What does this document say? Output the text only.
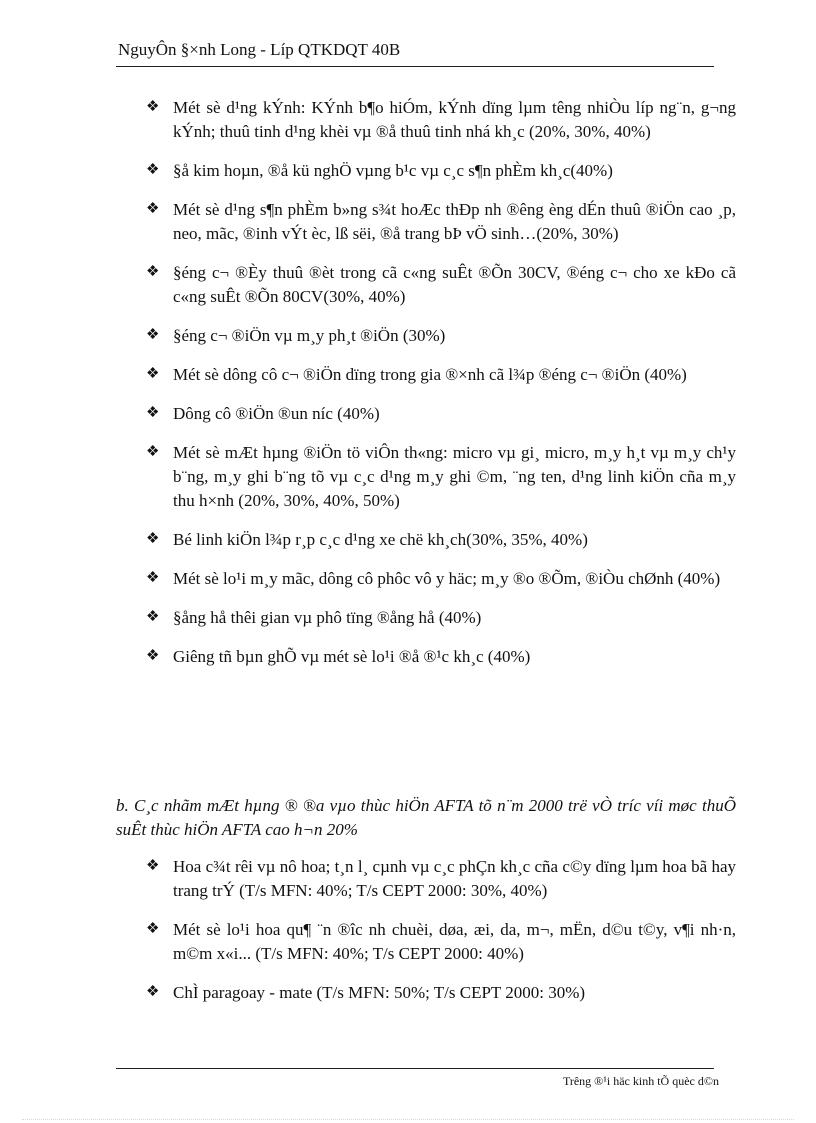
NguyÔn §×nh Long - Líp QTKDQT 40B
❖ Mét sè d¹ng kÝnh: KÝnh b¶o hiÓm, kÝnh dïng lµm têng nhiÒu líp ng¨n, g¬ng kÝnh; thuû tinh d¹ng khèi vµ ®å thuû tinh nhá kh¸c (20%, 30%, 40%)
❖ §å kim hoµn, ®å kü nghÖ vµng b¹c vµ c¸c s¶n phÈm kh¸c(40%)
❖ Mét sè d¹ng s¶n phÈm b»ng s¾t hoÆc thÐp nh ®êng èng dÉn thuû ®iÖn cao ¸p, neo, mãc, ®inh vÝt èc, lß sëi, ®å trang bÞ vÖ sinh…(20%, 30%)
❖ §éng c¬ ®Èy thuû ®èt trong cã c«ng suÊt ®Õn 30CV, ®éng c¬ cho xe kÐo cã c«ng suÊt ®Õn 80CV(30%, 40%)
❖ §éng c¬ ®iÖn vµ m¸y ph¸t ®iÖn (30%)
❖ Mét sè dông cô c¬ ®iÖn dïng trong gia ®×nh cã l¾p ®éng c¬ ®iÖn (40%)
❖ Dông cô ®iÖn ®un níc (40%)
❖ Mét sè mÆt hµng ®iÖn tö viÔn th«ng: micro vµ gi¸ micro, m¸y h¸t vµ m¸y ch¹y b¨ng, m¸y ghi b¨ng tõ vµ c¸c d¹ng m¸y ghi ©m, ¨ng ten, d¹ng linh kiÖn cña m¸y thu h×nh (20%, 30%, 40%, 50%)
❖ Bé linh kiÖn l¾p r¸p c¸c d¹ng xe chë kh¸ch(30%, 35%, 40%)
❖ Mét sè lo¹i m¸y mãc, dông cô phôc vô y häc; m¸y ®o ®Õm, ®iÒu chØnh (40%)
❖ §ång hå thêi gian vµ phô tïng ®ång hå (40%)
❖ Giêng tñ bµn ghÕ vµ mét sè lo¹i ®å ®¹c kh¸c (40%)
b. C¸c nhãm mÆt hµng ® ®a vµo thùc hiÖn AFTA tõ n¨m 2000 trë vÒ tríc víi møc thuÕ suÊt thùc hiÖn AFTA cao h¬n 20%
❖ Hoa c¾t rêi vµ nô hoa; t¸n l¸ cµnh vµ c¸c phÇn kh¸c cña c©y dïng lµm hoa bã hay trang trÝ (T/s MFN: 40%; T/s CEPT 2000: 30%, 40%)
❖ Mét sè lo¹i hoa qu¶ ¨n ®îc nh chuèi, døa, æi, da, m¬, mËn, d©u t©y, v¶i nh·n, m©m x«i... (T/s MFN: 40%; T/s CEPT 2000: 40%)
❖ ChÌ paragoay - mate (T/s MFN: 50%; T/s CEPT 2000: 30%)
Trêng ®¹i häc kinh tÕ quèc d©n
